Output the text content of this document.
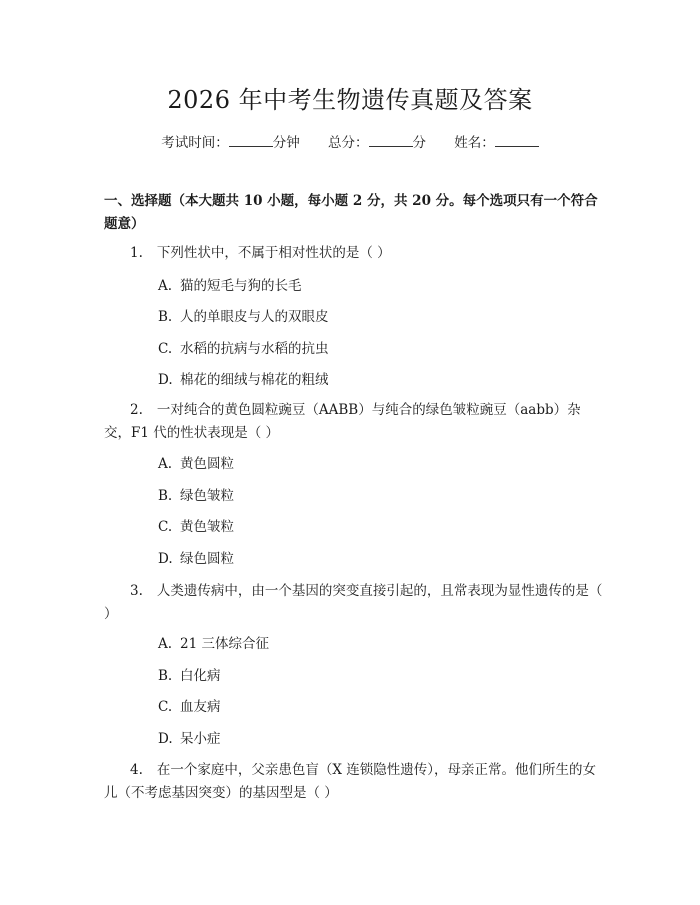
2026 年中考生物遗传真题及答案
考试时间：	分钟 总分：	分 姓名：
一、选择题（本大题共 10 小题，每小题 2 分，共 20 分。每个选项只有一个符合题意）
1. 下列性状中，不属于相对性状的是（ ）
A. 猫的短毛与狗的长毛
B. 人的单眼皮与人的双眼皮
C. 水稻的抗病与水稻的抗虫
D. 棉花的细绒与棉花的粗绒
2. 一对纯合的黄色圆粒豌豆（AABB）与纯合的绿色皱粒豌豆（aabb）杂交，F1 代的性状表现是（ ）
A. 黄色圆粒
B. 绿色皱粒
C. 黄色皱粒
D. 绿色圆粒
3. 人类遗传病中，由一个基因的突变直接引起的，且常表现为显性遗传的是（ ）
A. 21 三体综合征
B. 白化病
C. 血友病
D. 呆小症
4. 在一个家庭中，父亲患色盲（X 连锁隐性遗传），母亲正常。他们所生的女儿（不考虑基因突变）的基因型是（ ）
